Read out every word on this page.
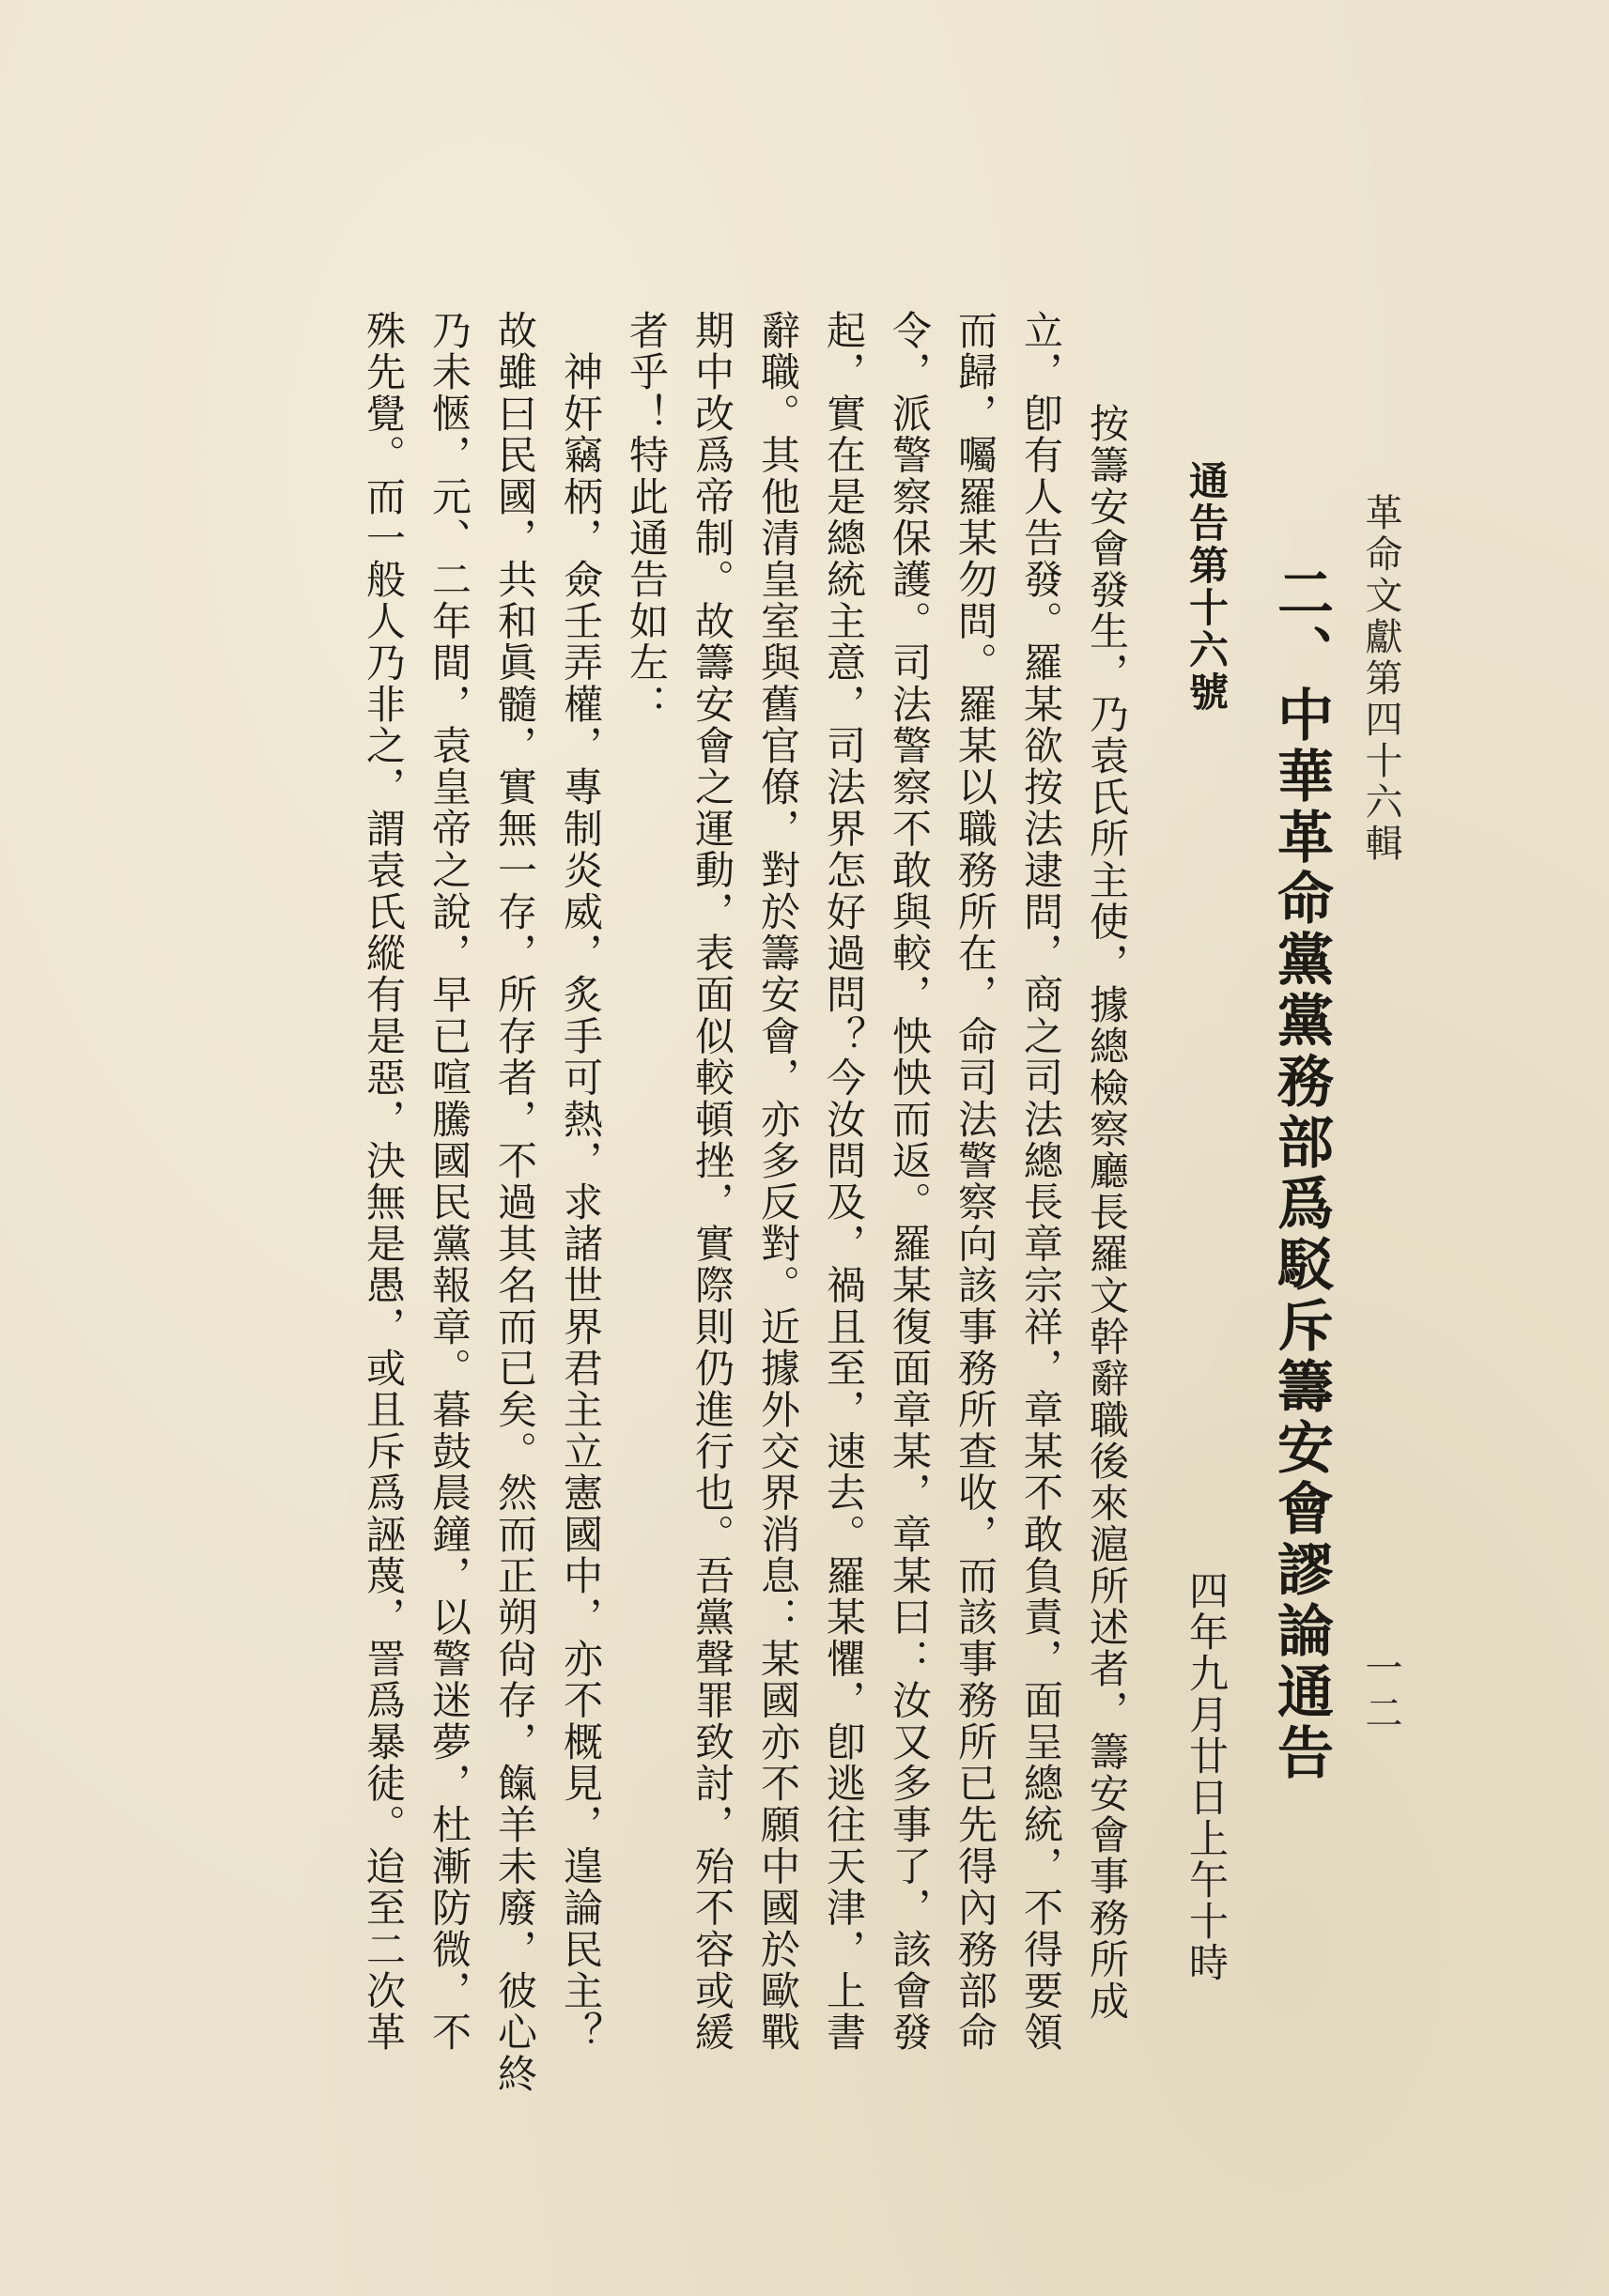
革命文獻第四十六輯
一二
二、中華革命黨黨務部爲駁斥籌安會謬論通告
通告第十六號
四年九月廿日上午十時
　按籌安會發生，乃袁氏所主使，據總檢察廳長羅文幹辭職後來滬所述者，籌安會事務所成
立，卽有人告發。羅某欲按法逮問，商之司法總長章宗祥，章某不敢負責，面呈總統，不得要領
而歸，囑羅某勿問。羅某以職務所在，命司法警察向該事務所查收，而該事務所已先得內務部命
令，派警察保護。司法警察不敢與較，怏怏而返。羅某復面章某，章某曰：汝又多事了，該會發
起，實在是總統主意，司法界怎好過問？今汝問及，禍且至，速去。羅某懼，卽逃往天津，上書
辭職。其他清皇室與舊官僚，對於籌安會，亦多反對。近據外交界消息：某國亦不願中國於歐戰
期中改爲帝制。故籌安會之運動，表面似較頓挫，實際則仍進行也。吾黨聲罪致討，殆不容或緩
者乎！特此通告如左：
　神奸竊柄，僉壬弄權，專制炎威，炙手可熱，求諸世界君主立憲國中，亦不概見，遑論民主？
故雖曰民國，共和眞髓，實無一存，所存者，不過其名而已矣。然而正朔尙存，餼羊未廢，彼心終
乃未愜，元、二年間，袁皇帝之說，早已喧騰國民黨報章。暮鼓晨鐘，以警迷夢，杜漸防微，不
殊先覺。而一般人乃非之，謂袁氏縱有是惡，決無是愚，或且斥爲誣蔑，詈爲暴徒。迨至二次革
